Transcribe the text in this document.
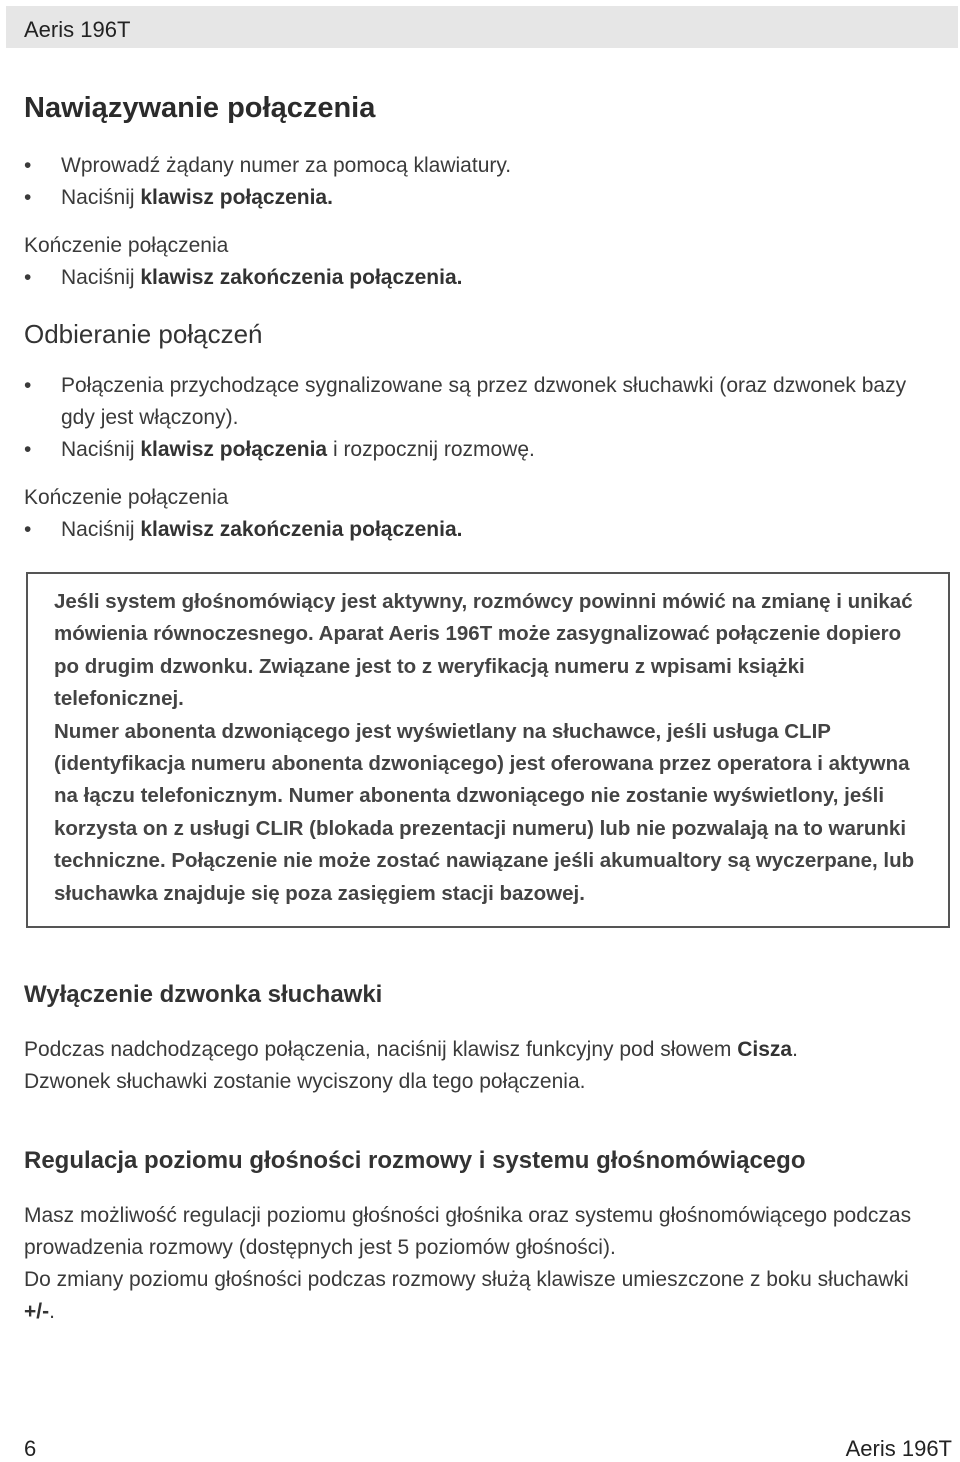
Aeris 196T
Nawiązywanie połączenia
• Wprowadź żądany numer za pomocą klawiatury.
• Naciśnij klawisz połączenia.
Kończenie połączenia
• Naciśnij klawisz zakończenia połączenia.
Odbieranie połączeń
• Połączenia przychodzące sygnalizowane są przez dzwonek słuchawki (oraz dzwonek bazy gdy jest włączony).
• Naciśnij klawisz połączenia i rozpocznij rozmowę.
Kończenie połączenia
• Naciśnij klawisz zakończenia połączenia.
Jeśli system głośnomówiący jest aktywny, rozmówcy powinni mówić na zmianę i unikać mówienia równoczesnego. Aparat Aeris 196T może zasygnalizować połączenie dopiero po drugim dzwonku. Związane jest to z weryfikacją numeru z wpisami książki telefonicznej.
Numer abonenta dzwoniącego jest wyświetlany na słuchawce, jeśli usługa CLIP (identyfikacja numeru abonenta dzwoniącego) jest oferowana przez operatora i aktywna na łączu telefonicznym. Numer abonenta dzwoniącego nie zostanie wyświetlony, jeśli korzysta on z usługi CLIR (blokada prezentacji numeru) lub nie pozwalają na to warunki techniczne. Połączenie nie może zostać nawiązane jeśli akumualtory są wyczerpane, lub słuchawka znajduje się poza zasięgiem stacji bazowej.
Wyłączenie dzwonka słuchawki

Podczas nadchodzącego połączenia, naciśnij klawisz funkcyjny pod słowem Cisza.

Dzwonek słuchawki zostanie wyciszony dla tego połączenia.

Regulacja poziomu głośności rozmowy i systemu głośnomówiącego

Masz możliwość regulacji poziomu głośności głośnika oraz systemu głośnomówiącego podczas prowadzenia rozmowy (dostępnych jest 5 poziomów głośności).

Do zmiany poziomu głośności podczas rozmowy służą klawisze umieszczone z boku słuchawki +/-.

6	Aeris 196T
